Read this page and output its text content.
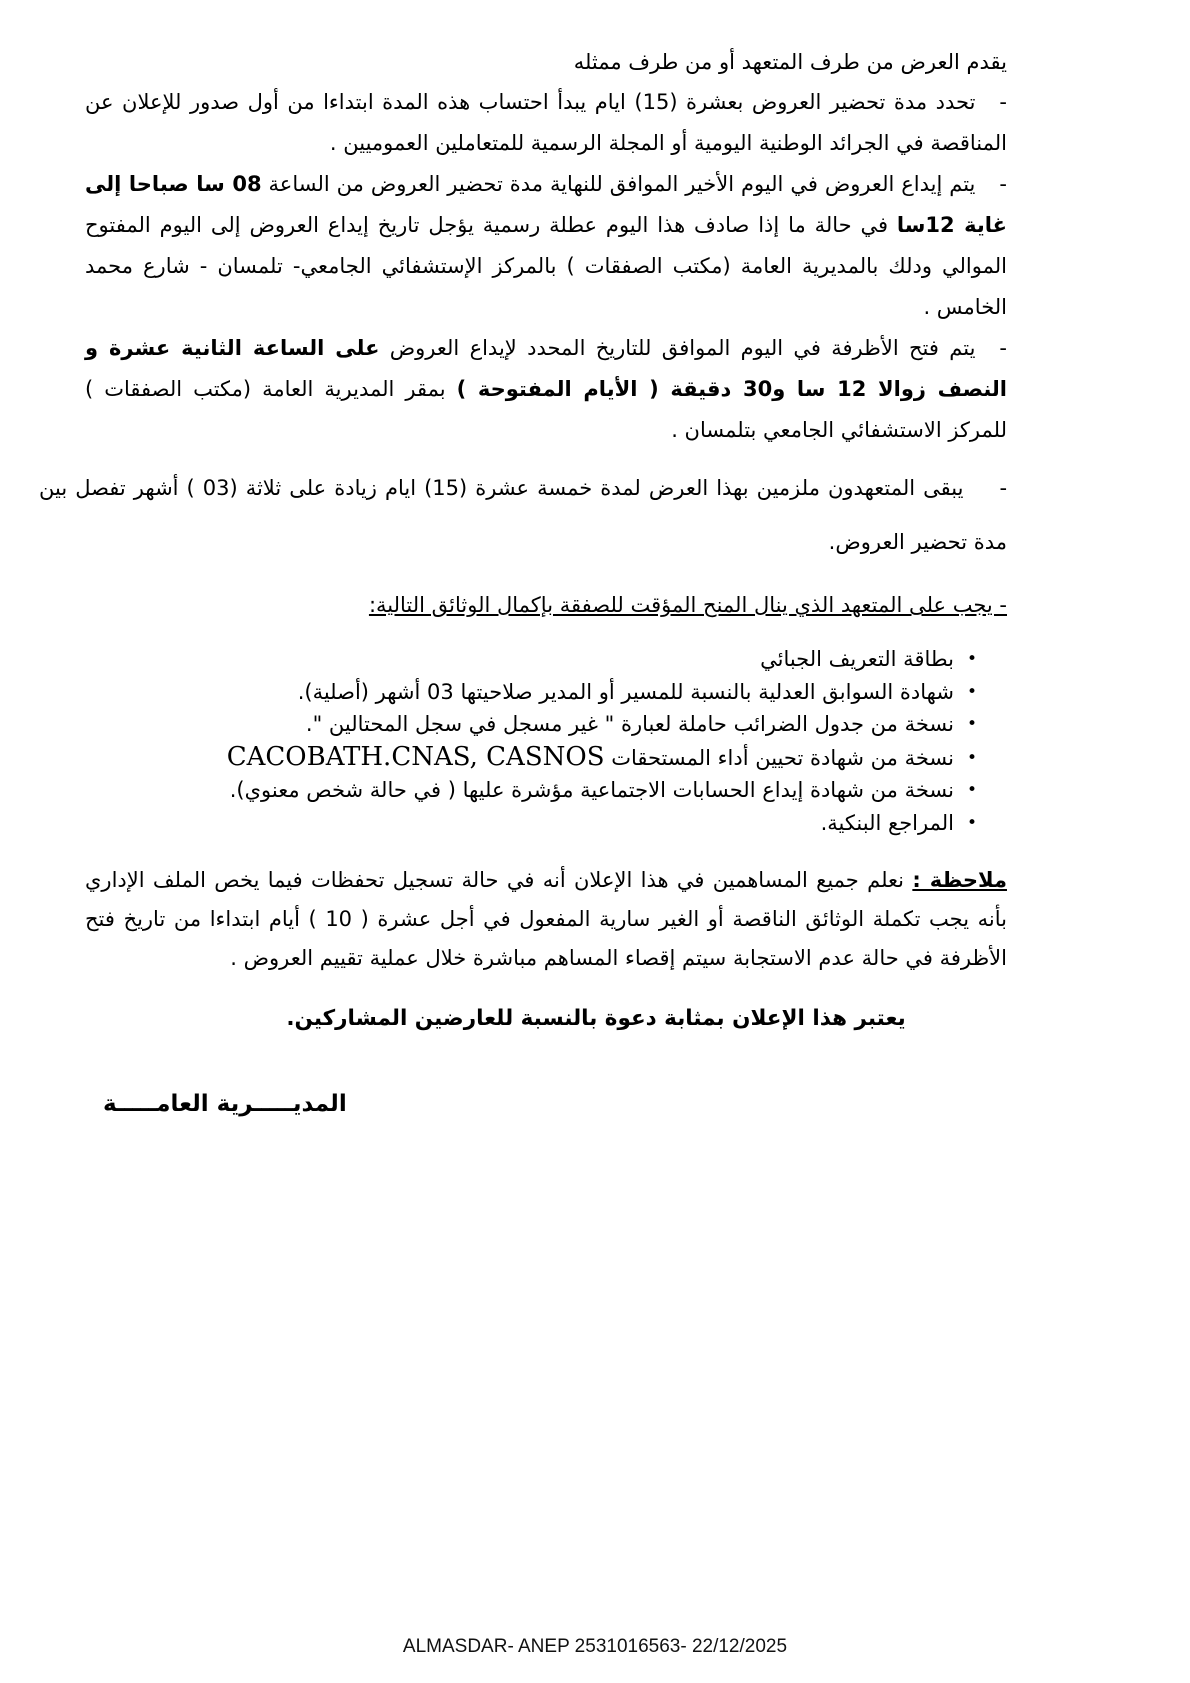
يقدم العرض من طرف المتعهد أو من طرف ممثله

-تحدد مدة تحضير العروض بعشرة (15) ايام يبدأ احتساب هذه المدة ابتداءا من أول صدور للإعلان عن المناقصة في الجرائد الوطنية اليومية أو المجلة الرسمية للمتعاملين العموميين .

-يتم إيداع العروض في اليوم الأخير الموافق للنهاية مدة تحضير العروض من الساعة 08 سا صباحا إلى غاية 12سا في حالة ما إذا صادف هذا اليوم عطلة رسمية يؤجل تاريخ إيداع العروض إلى اليوم المفتوح الموالي ودلك بالمديرية العامة (مكتب الصفقات ) بالمركز الإستشفائي الجامعي- تلمسان - شارع محمد الخامس .

-يتم فتح الأظرفة في اليوم الموافق للتاريخ المحدد لإيداع العروض على الساعة الثانية عشرة و النصف زوالا 12 سا و30 دقيقة ( الأيام المفتوحة ) بمقر المديرية العامة (مكتب الصفقات ) للمركز الاستشفائي الجامعي بتلمسان .

-يبقى المتعهدون ملزمين بهذا العرض لمدة خمسة عشرة (15) ايام زيادة على ثلاثة (03 ) أشهر تفصل بين مدة تحضير العروض.

- يجب على المتعهد الذي ينال المنح المؤقت للصفقة بإكمال الوثائق التالية:
•بطاقة التعريف الجبائي
•شهادة السوابق العدلية بالنسبة للمسير أو المدير صلاحيتها 03 أشهر (أصلية).
•نسخة من جدول الضرائب حاملة لعبارة " غير مسجل في سجل المحتالين ".
•نسخة من شهادة تحيين أداء المستحقات CACOBATH.CNAS, CASNOS
•نسخة من شهادة إيداع الحسابات الاجتماعية مؤشرة عليها ( في حالة شخص معنوي).
•المراجع البنكية.

ملاحظة : نعلم جميع المساهمين في هذا الإعلان أنه في حالة تسجيل تحفظات فيما يخص الملف الإداري بأنه يجب تكملة الوثائق الناقصة أو الغير سارية المفعول في أجل عشرة ( 10 ) أيام ابتداءا من تاريخ فتح الأظرفة في حالة عدم الاستجابة سيتم إقصاء المساهم مباشرة خلال عملية تقييم العروض .

يعتبر هذا الإعلان بمثابة دعوة بالنسبة للعارضين المشاركين.
المديـــــرية العامـــــة
ALMASDAR- ANEP 2531016563- 22/12/2025
